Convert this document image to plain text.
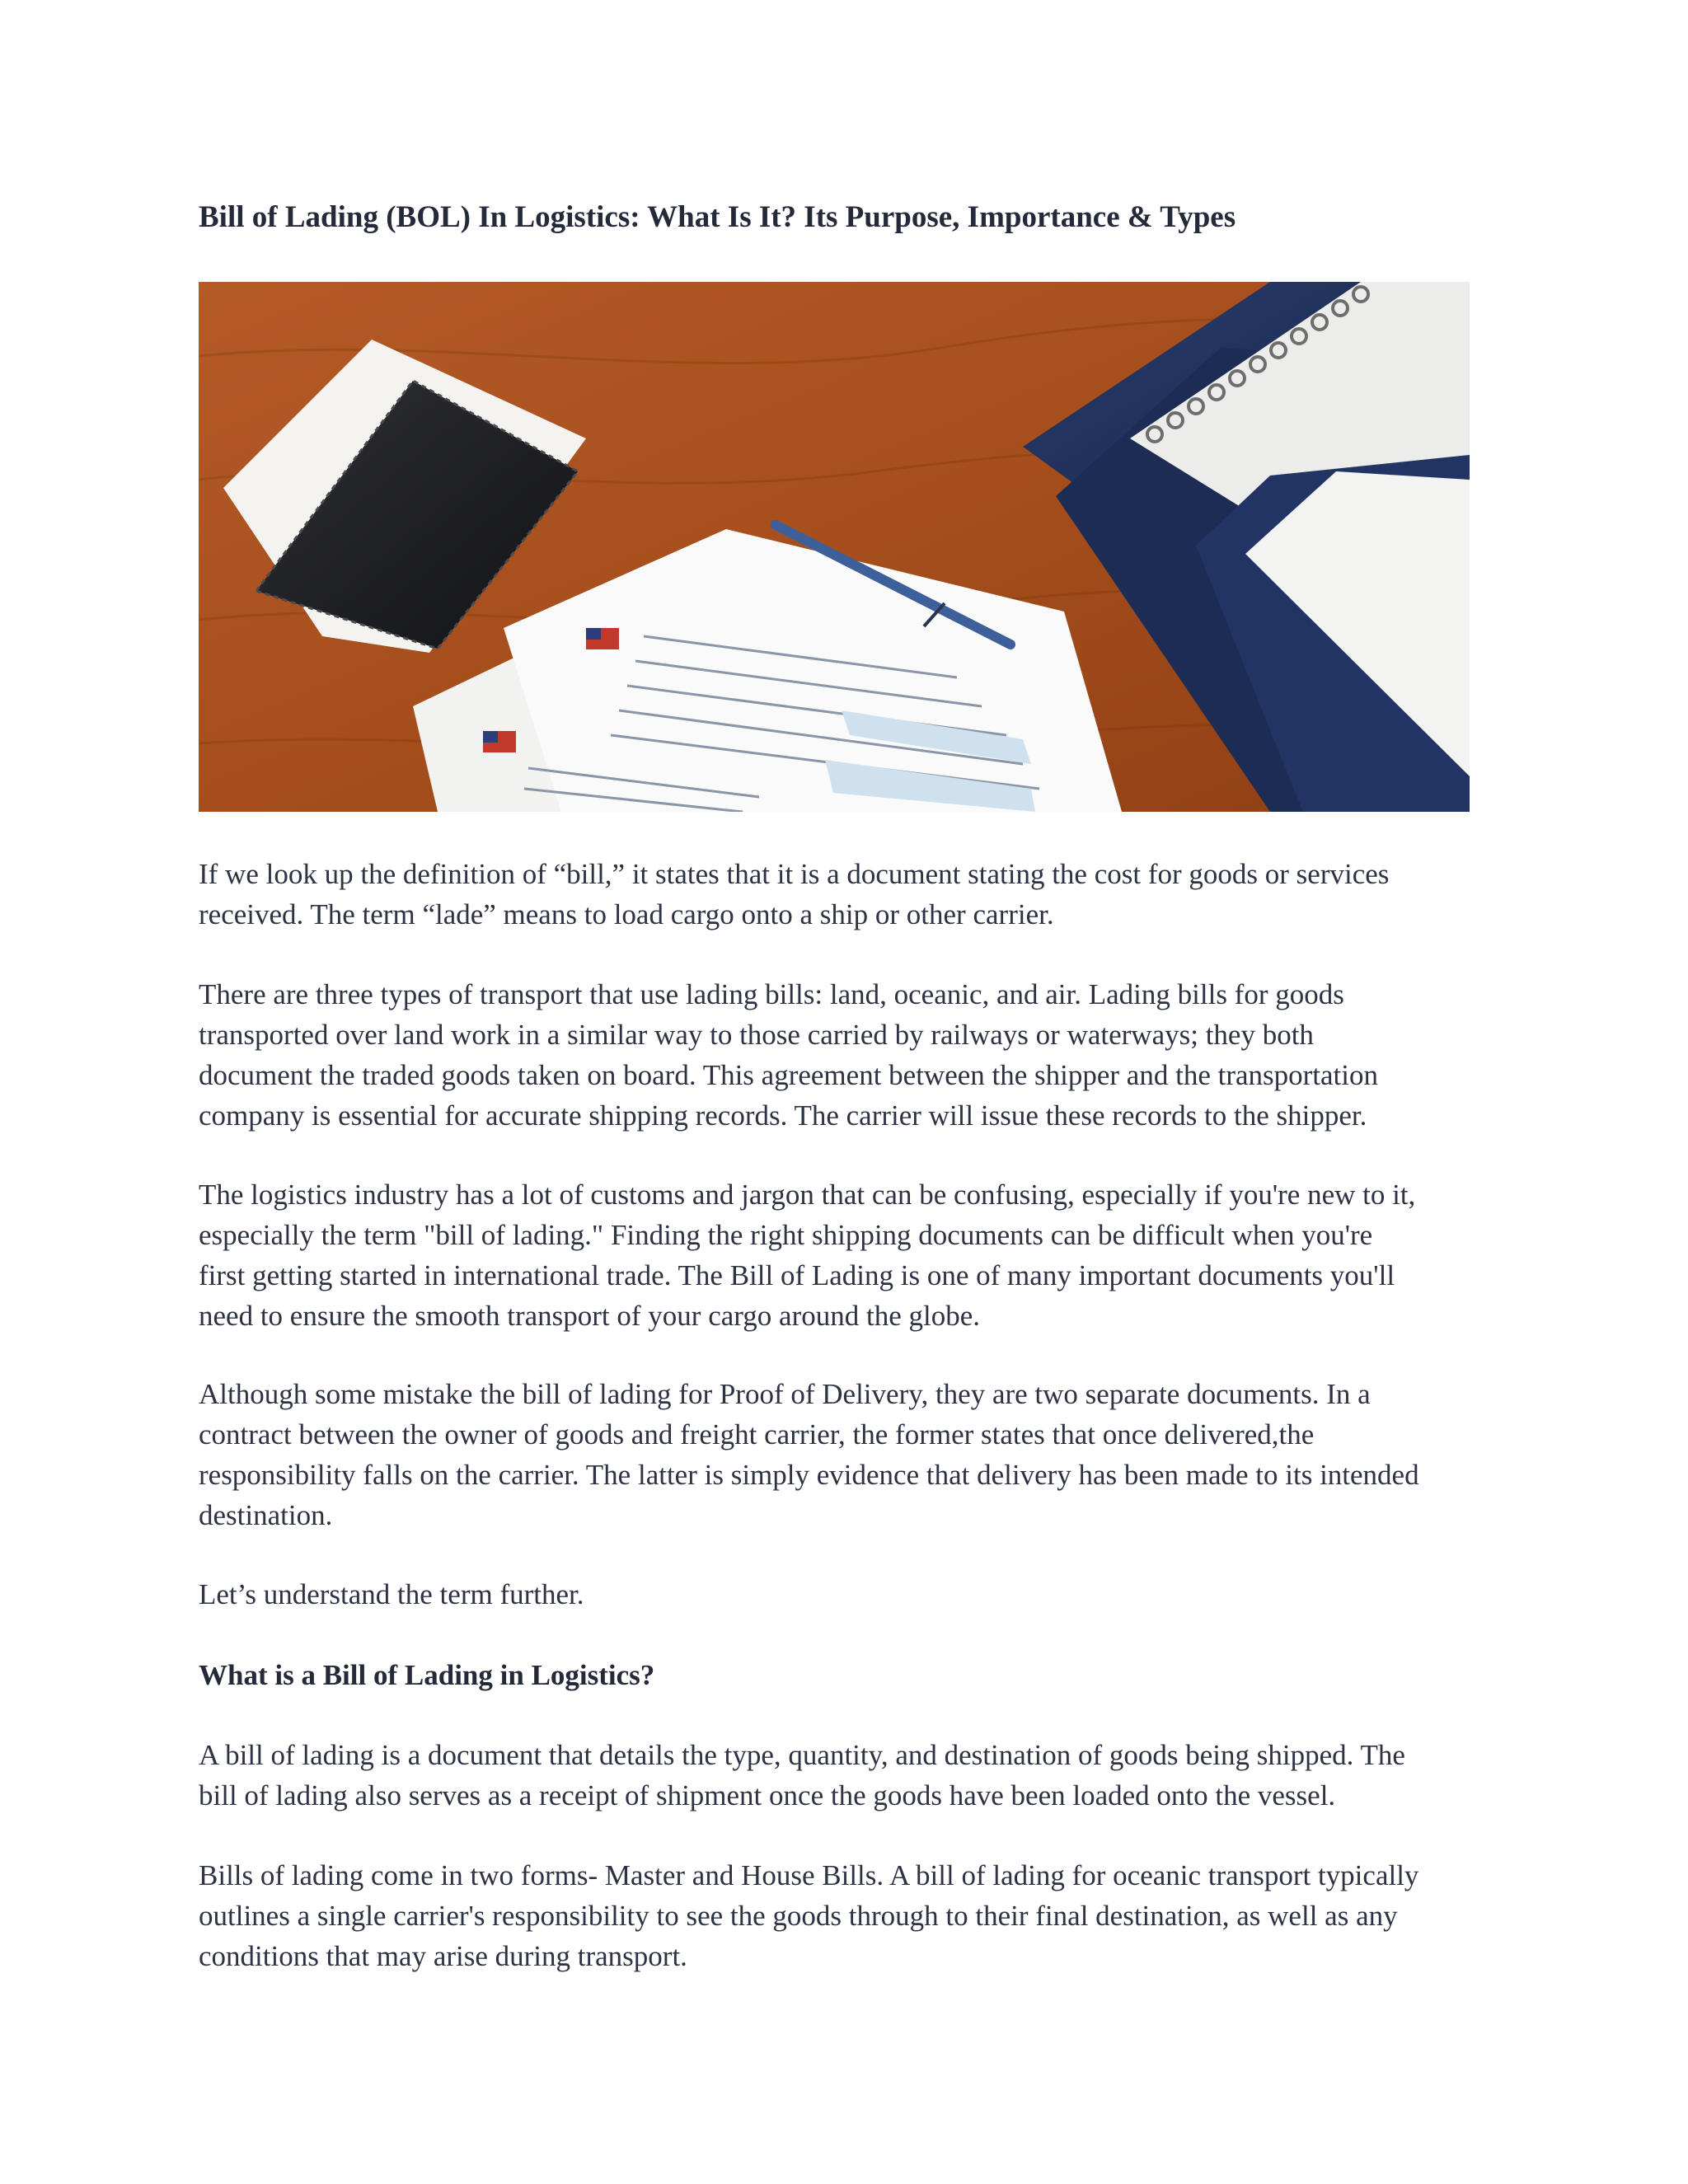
Bill of Lading (BOL) In Logistics: What Is It? Its Purpose, Importance & Types

If we look up the definition of “bill,” it states that it is a document stating the cost for goods or services
received. The term “lade” means to load cargo onto a ship or other carrier.

There are three types of transport that use lading bills: land, oceanic, and air. Lading bills for goods
transported over land work in a similar way to those carried by railways or waterways; they both
document the traded goods taken on board. This agreement between the shipper and the transportation
company is essential for accurate shipping records. The carrier will issue these records to the shipper.

The logistics industry has a lot of customs and jargon that can be confusing, especially if you're new to it,
especially the term "bill of lading." Finding the right shipping documents can be difficult when you're
first getting started in international trade. The Bill of Lading is one of many important documents you'll
need to ensure the smooth transport of your cargo around the globe.

Although some mistake the bill of lading for Proof of Delivery, they are two separate documents. In a
contract between the owner of goods and freight carrier, the former states that once delivered,the
responsibility falls on the carrier. The latter is simply evidence that delivery has been made to its intended
destination.

Let’s understand the term further.

What is a Bill of Lading in Logistics?

A bill of lading is a document that details the type, quantity, and destination of goods being shipped. The
bill of lading also serves as a receipt of shipment once the goods have been loaded onto the vessel.

Bills of lading come in two forms- Master and House Bills. A bill of lading for oceanic transport typically
outlines a single carrier's responsibility to see the goods through to their final destination, as well as any
conditions that may arise during transport.
